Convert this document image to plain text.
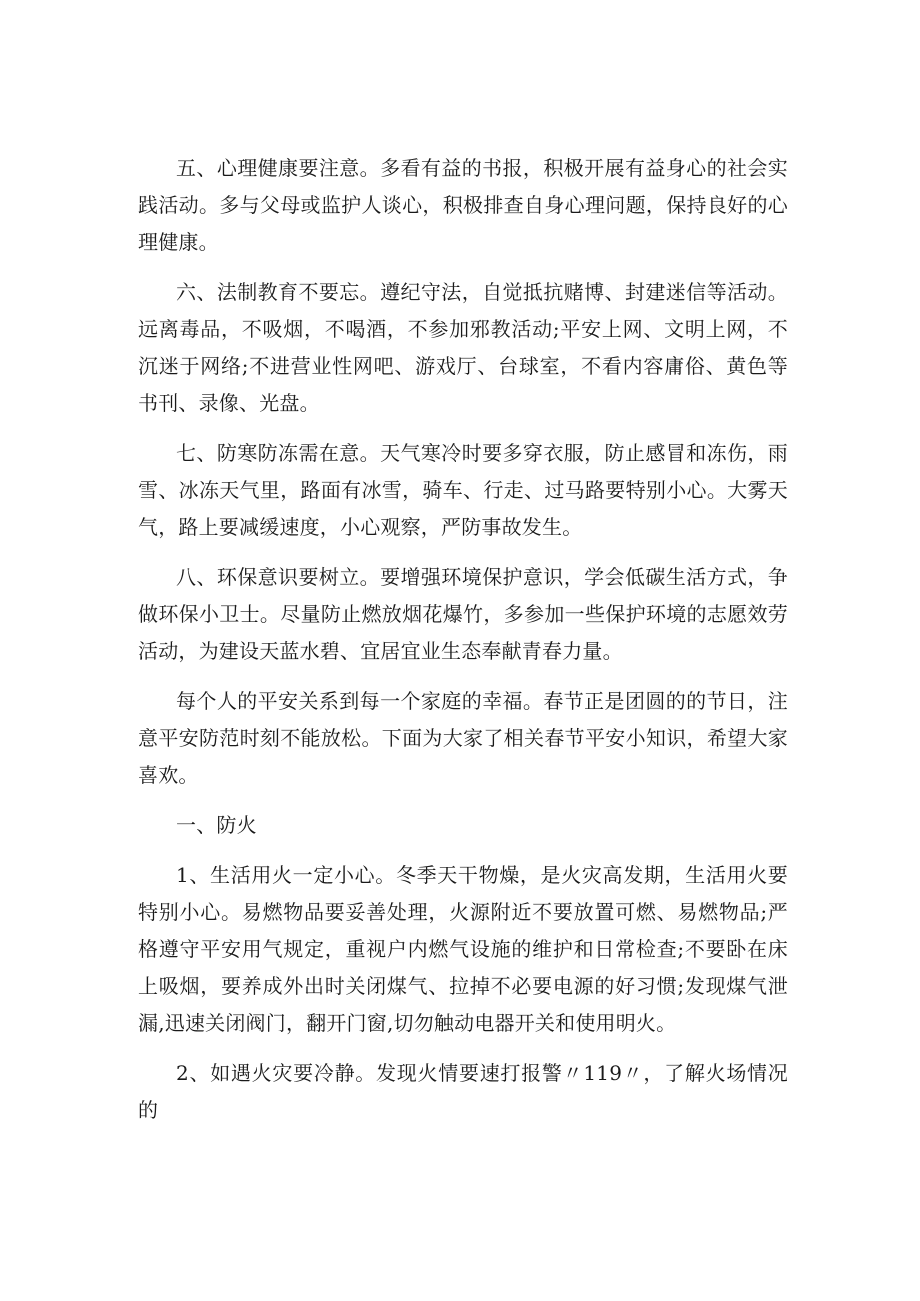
五、心理健康要注意。多看有益的书报，积极开展有益身心的社会实践活动。多与父母或监护人谈心，积极排查自身心理问题，保持良好的心理健康。

六、法制教育不要忘。遵纪守法，自觉抵抗赌博、封建迷信等活动。远离毒品，不吸烟，不喝酒，不参加邪教活动;平安上网、文明上网，不沉迷于网络;不进营业性网吧、游戏厅、台球室，不看内容庸俗、黄色等书刊、录像、光盘。

七、防寒防冻需在意。天气寒冷时要多穿衣服，防止感冒和冻伤，雨雪、冰冻天气里，路面有冰雪，骑车、行走、过马路要特别小心。大雾天气，路上要减缓速度，小心观察，严防事故发生。

八、环保意识要树立。要增强环境保护意识，学会低碳生活方式，争做环保小卫士。尽量防止燃放烟花爆竹，多参加一些保护环境的志愿效劳活动，为建设天蓝水碧、宜居宜业生态奉献青春力量。

每个人的平安关系到每一个家庭的幸福。春节正是团圆的的节日，注意平安防范时刻不能放松。下面为大家了相关春节平安小知识，希望大家喜欢。

一、防火

1、生活用火一定小心。冬季天干物燥，是火灾高发期，生活用火要特别小心。易燃物品要妥善处理，火源附近不要放置可燃、易燃物品;严格遵守平安用气规定，重视户内燃气设施的维护和日常检查;不要卧在床上吸烟，要养成外出时关闭煤气、拉掉不必要电源的好习惯;发现煤气泄漏,迅速关闭阀门，翻开门窗,切勿触动电器开关和使用明火。

2、如遇火灾要冷静。发现火情要速打报警〃119〃，了解火场情况的
